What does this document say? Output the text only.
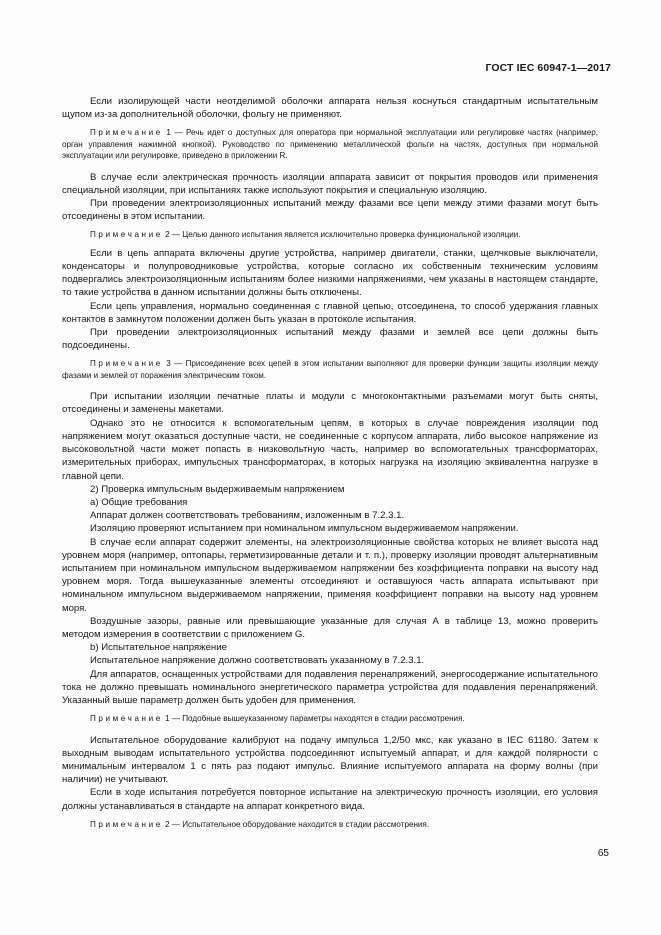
ГОСТ IEC 60947-1—2017

Если изолирующей части неотделимой оболочки аппарата нельзя коснуться стандартным испытательным щупом из-за дополнительной оболочки, фольгу не применяют.

Примечание 1 — Речь идет о доступных для оператора при нормальной эксплуатации или регулировке частях (например, орган управления нажимной кнопкой). Руководство по применению металлической фольги на частях, доступных при нормальной эксплуатации или регулировке, приведено в приложении R.

В случае если электрическая прочность изоляции аппарата зависит от покрытия проводов или применения специальной изоляции, при испытаниях также используют покрытия и специальную изоляцию.

При проведении электроизоляционных испытаний между фазами все цепи между этими фазами могут быть отсоединены в этом испытании.

Примечание 2 — Целью данного испытания является исключительно проверка функциональной изоляции.

Если в цепь аппарата включены другие устройства, например двигатели, станки, щелчковые выключатели, конденсаторы и полупроводниковые устройства, которые согласно их собственным техническим условиям подвергались электроизоляционным испытаниям более низкими напряжениями, чем указаны в настоящем стандарте, то такие устройства в данном испытании должны быть отключены.

Если цепь управления, нормально соединенная с главной цепью, отсоединена, то способ удержания главных контактов в замкнутом положении должен быть указан в протоколе испытания.

При проведении электроизоляционных испытаний между фазами и землей все цепи должны быть подсоединены.

Примечание 3 — Присоединение всех цепей в этом испытании выполняют для проверки функции защиты изоляции между фазами и землей от поражения электрическим током.

При испытании изоляции печатные платы и модули с многоконтактными разъемами могут быть сняты, отсоединены и заменены макетами.

Однако это не относится к вспомогательным цепям, в которых в случае повреждения изоляции под напряжением могут оказаться доступные части, не соединенные с корпусом аппарата, либо высокое напряжение из высоковольтной части может попасть в низковольтную часть, например во вспомогательных трансформаторах, измерительных приборах, импульсных трансформаторах, в которых нагрузка на изоляцию эквивалентна нагрузке в главной цепи.

2) Проверка импульсным выдерживаемым напряжением

a) Общие требования

Аппарат должен соответствовать требованиям, изложенным в 7.2.3.1.

Изоляцию проверяют испытанием при номинальном импульсном выдерживаемом напряжении.

В случае если аппарат содержит элементы, на электроизоляционные свойства которых не влияет высота над уровнем моря (например, оптопары, герметизированные детали и т. п.), проверку изоляции проводят альтернативным испытанием при номинальном импульсном выдерживаемом напряжении без коэффициента поправки на высоту над уровнем моря. Тогда вышеуказанные элементы отсоединяют и оставшуюся часть аппарата испытывают при номинальном импульсном выдерживаемом напряжении, применяя коэффициент поправки на высоту над уровнем моря.

Воздушные зазоры, равные или превышающие указанные для случая А в таблице 13, можно проверить методом измерения в соответствии с приложением G.

b) Испытательное напряжение

Испытательное напряжение должно соответствовать указанному в 7.2.3.1.

Для аппаратов, оснащенных устройствами для подавления перенапряжений, энергосодержание испытательного тока не должно превышать номинального энергетического параметра устройства для подавления перенапряжений. Указанный выше параметр должен быть удобен для применения.

Примечание 1 — Подобные вышеуказанному параметры находятся в стадии рассмотрения.

Испытательное оборудование калибруют на подачу импульса 1,2/50 мкс, как указано в IEC 61180. Затем к выходным выводам испытательного устройства подсоединяют испытуемый аппарат, и для каждой полярности с минимальным интервалом 1 с пять раз подают импульс. Влияние испытуемого аппарата на форму волны (при наличии) не учитывают.

Если в ходе испытания потребуется повторное испытание на электрическую прочность изоляции, его условия должны устанавливаться в стандарте на аппарат конкретного вида.

Примечание 2 — Испытательное оборудование находится в стадии рассмотрения.

65
